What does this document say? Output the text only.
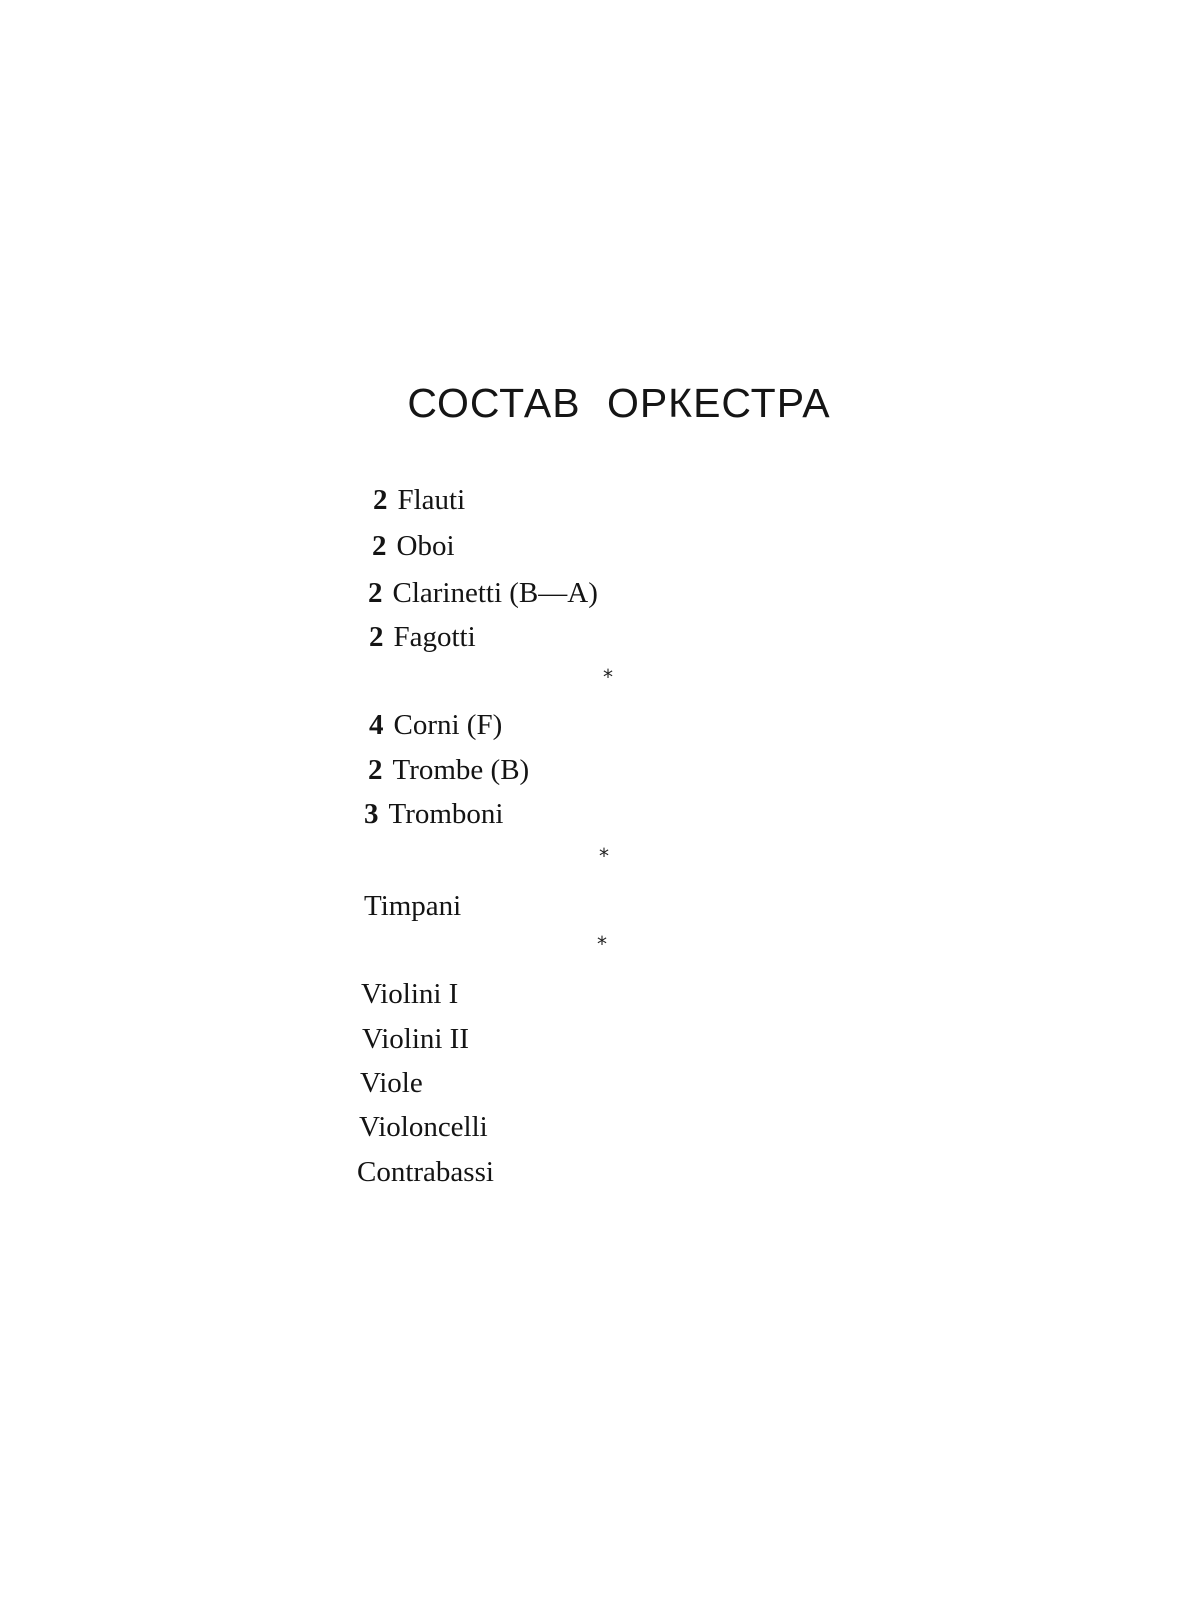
СОСТАВ ОРКЕСТРА
2 Flauti
2 Oboi
2 Clarinetti (B—A)
2 Fagotti
*
4 Corni (F)
2 Trombe (B)
3 Tromboni
*
Timpani
*
Violini I
Violini II
Viole
Violoncelli
Contrabassi
